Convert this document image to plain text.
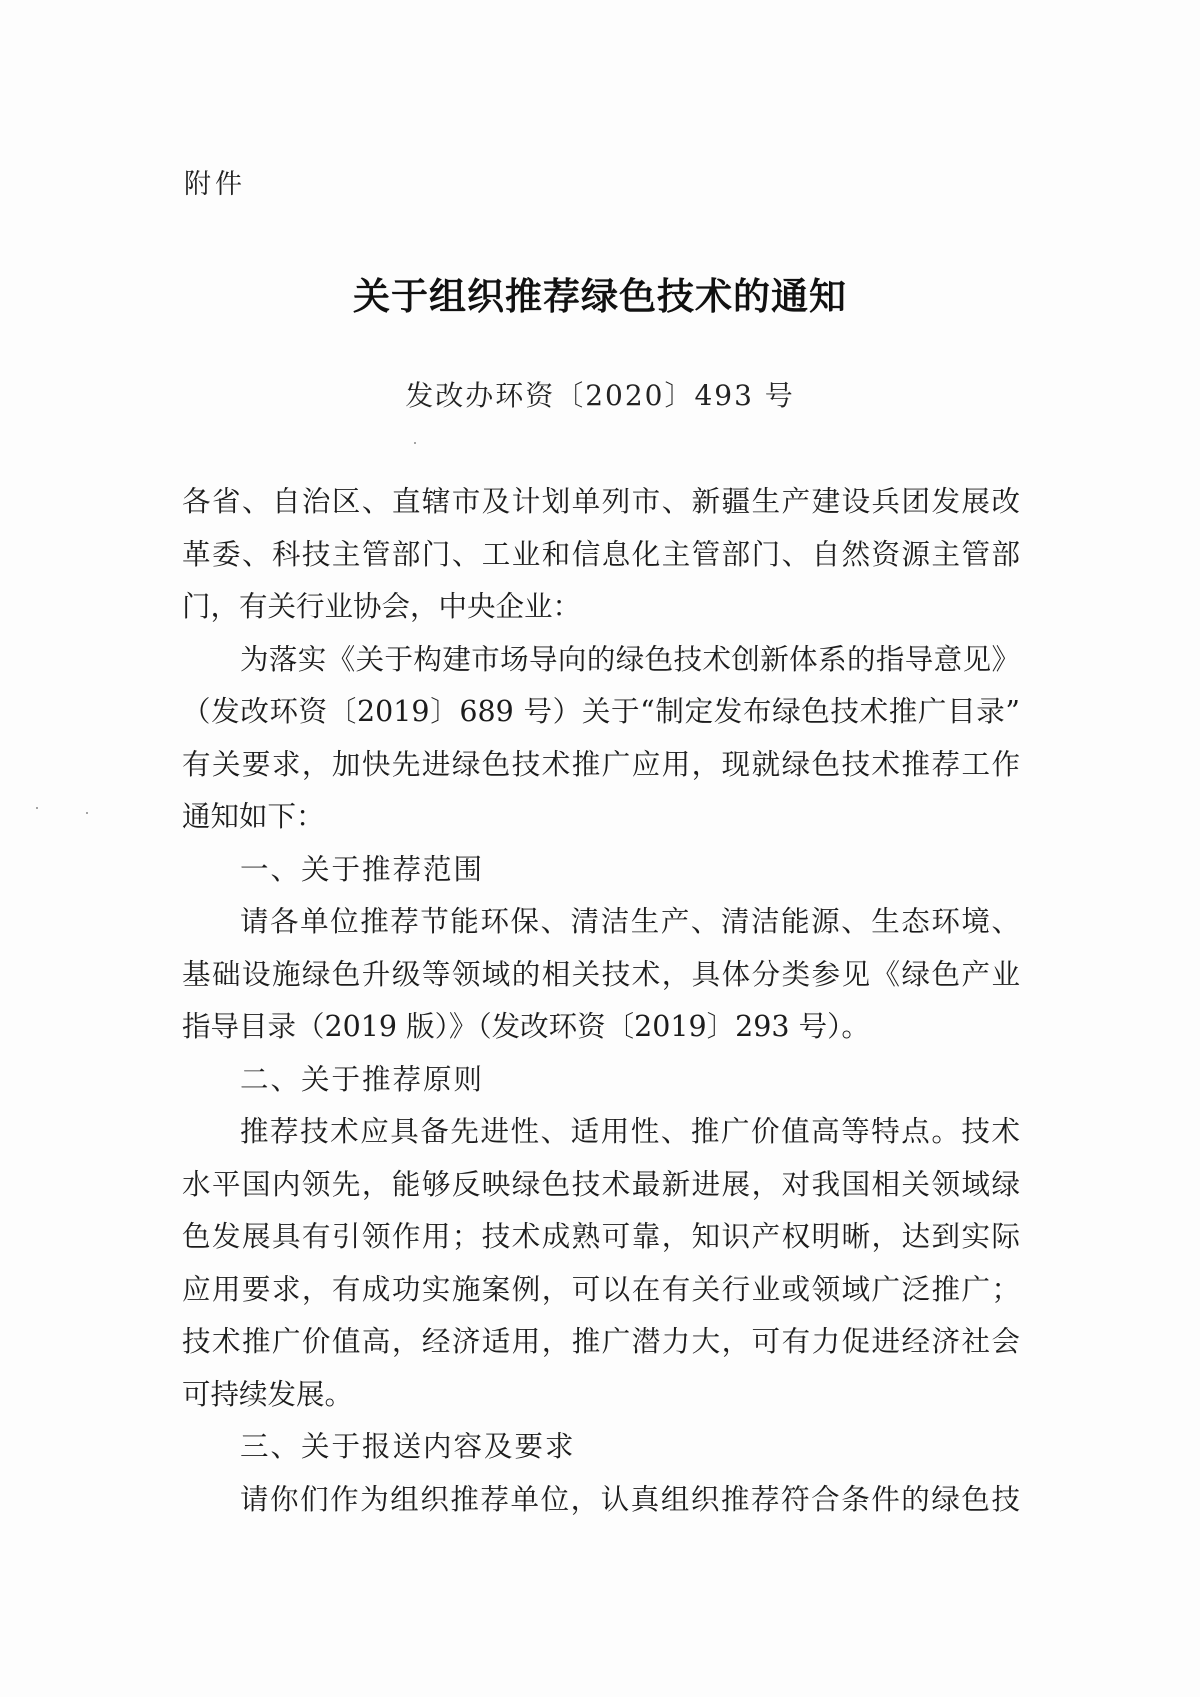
附件
关于组织推荐绿色技术的通知
发改办环资〔2020〕493 号
各省、自治区、直辖市及计划单列市、新疆生产建设兵团发展改
革委、科技主管部门、工业和信息化主管部门、自然资源主管部
门，有关行业协会，中央企业：
为落实《关于构建市场导向的绿色技术创新体系的指导意见》
（发改环资〔2019〕689 号）关于“制定发布绿色技术推广目录”
有关要求，加快先进绿色技术推广应用，现就绿色技术推荐工作
通知如下：
一、关于推荐范围
请各单位推荐节能环保、清洁生产、清洁能源、生态环境、
基础设施绿色升级等领域的相关技术，具体分类参见《绿色产业
指导目录（2019 版）》（发改环资〔2019〕293 号）。
二、关于推荐原则
推荐技术应具备先进性、适用性、推广价值高等特点。技术
水平国内领先，能够反映绿色技术最新进展，对我国相关领域绿
色发展具有引领作用；技术成熟可靠，知识产权明晰，达到实际
应用要求，有成功实施案例，可以在有关行业或领域广泛推广；
技术推广价值高，经济适用，推广潜力大，可有力促进经济社会
可持续发展。
三、关于报送内容及要求
请你们作为组织推荐单位，认真组织推荐符合条件的绿色技
